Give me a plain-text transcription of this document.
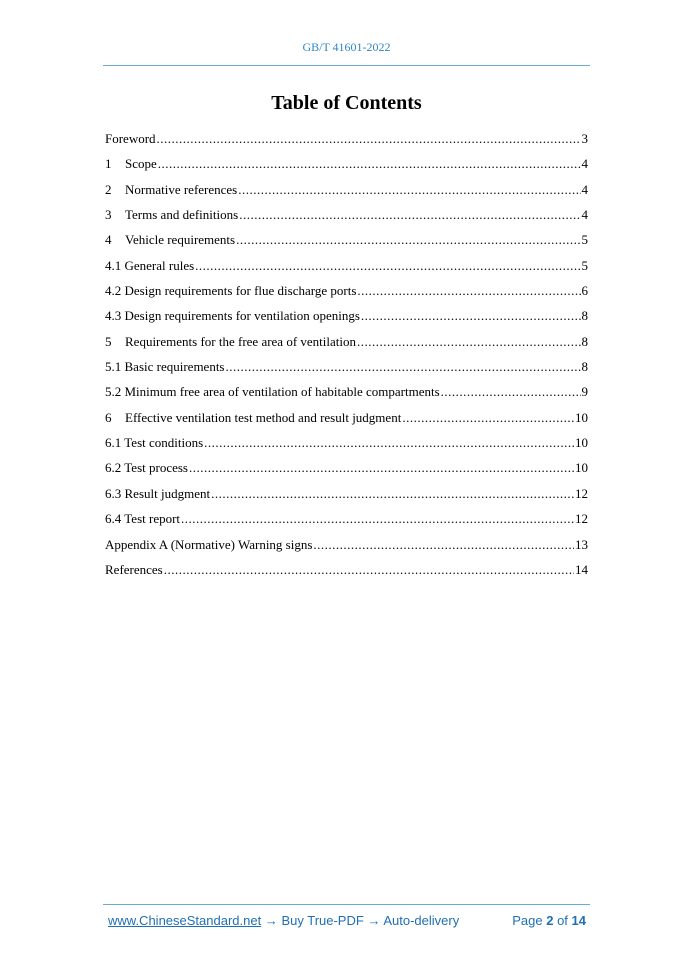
GB/T 41601-2022
Table of Contents
Foreword .....	3
1 Scope .....	4
2 Normative references .....	4
3 Terms and definitions .....	4
4 Vehicle requirements .....	5
4.1 General rules .....	5
4.2 Design requirements for flue discharge ports .....	6
4.3 Design requirements for ventilation openings .....	8
5 Requirements for the free area of ventilation .....	8
5.1 Basic requirements .....	8
5.2 Minimum free area of ventilation of habitable compartments .....	9
6 Effective ventilation test method and result judgment .....	10
6.1 Test conditions .....	10
6.2 Test process .....	10
6.3 Result judgment .....	12
6.4 Test report .....	12
Appendix A (Normative) Warning signs .....	13
References .....	14
www.ChineseStandard.net → Buy True-PDF → Auto-delivery	Page 2 of 14
